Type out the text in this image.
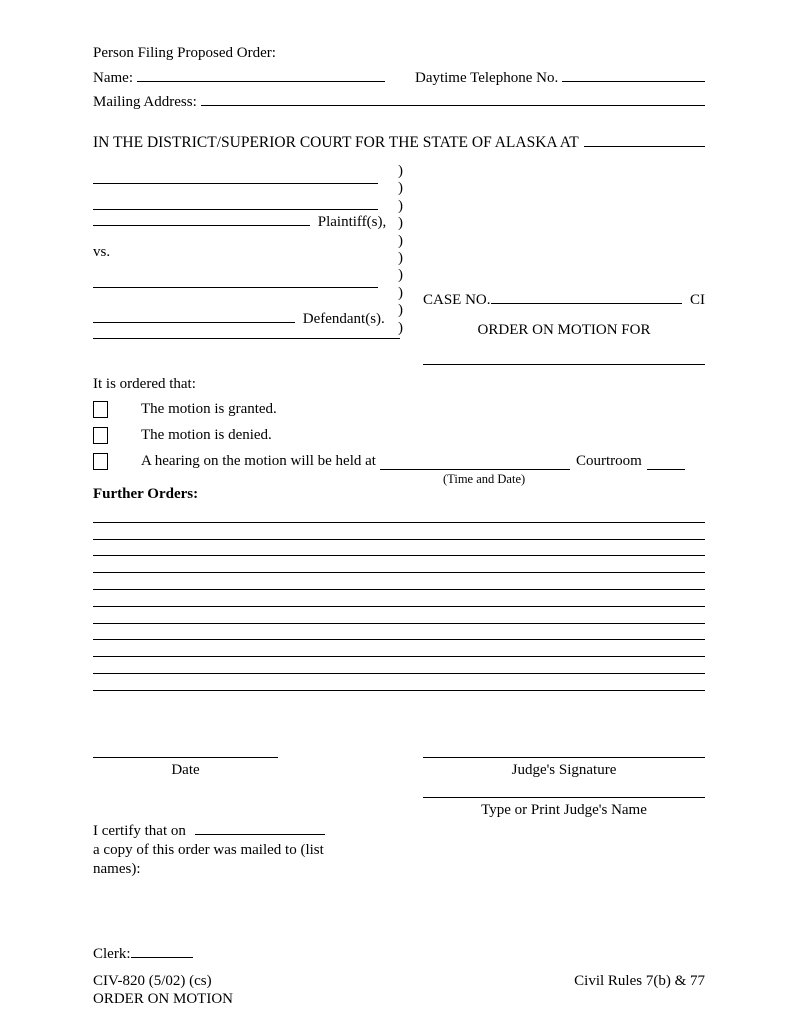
Person Filing Proposed Order:
Name:	Daytime Telephone No.
Mailing Address:
IN THE DISTRICT/SUPERIOR COURT FOR THE STATE OF ALASKA AT
Plaintiff(s),
vs.
Defendant(s).
)
)
)
)
)
)
)
)
)
)
CASE NO.	CI
ORDER ON MOTION FOR
It is ordered that:
The motion is granted.
The motion is denied.
A hearing on the motion will be held at	Courtroom
(Time and Date)
Further Orders:
Date	Judge's Signature
Type or Print Judge's Name
I certify that on
a copy of this order was mailed to (list
names):
Clerk:
CIV-820 (5/02) (cs)
ORDER ON MOTION
Civil Rules 7(b) & 77
